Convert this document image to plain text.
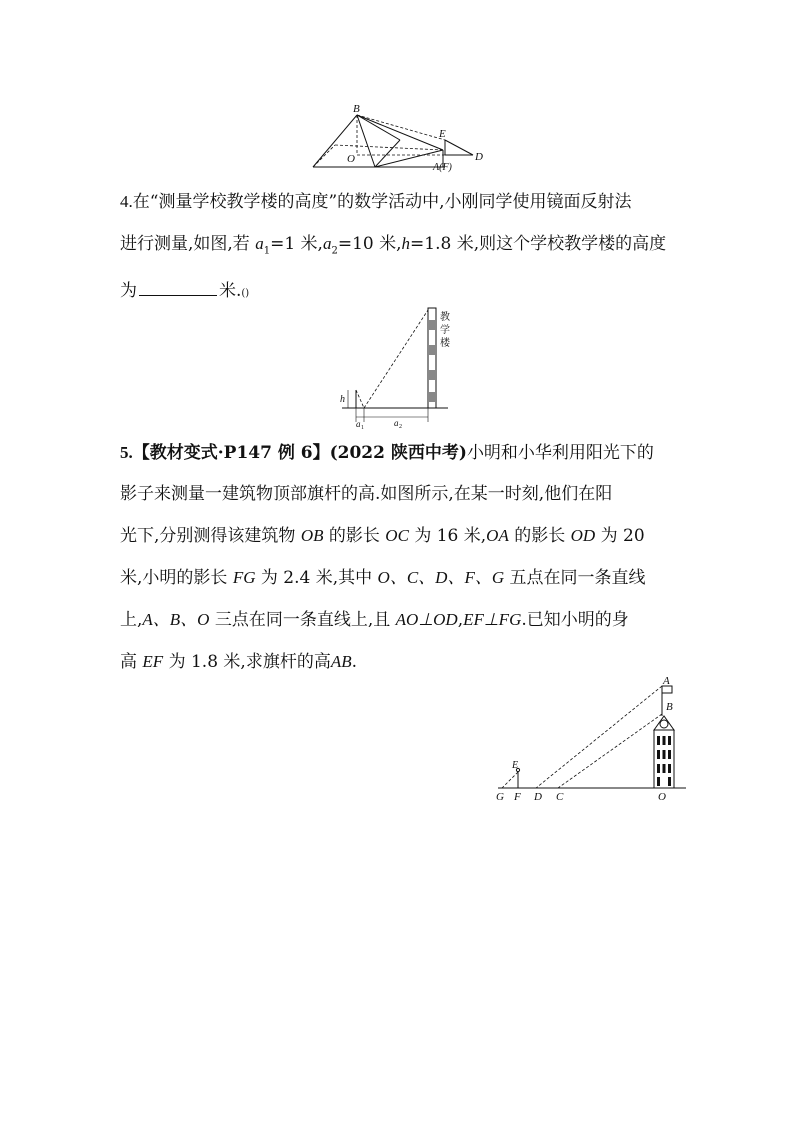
B
O
E
A(F)
D
4.在“测量学校教学楼的高度”的数学活动中,小刚同学使用镜面反射法
进行测量,如图,若 $a_1=1$ 米$,a_2=10$ 米,h=1.8 米,则这个学校教学楼的高度
为	米.()
教
学
楼
h
a 1	a 2
5.【教材变式·P147 例 6】(2022 陕西中考)小明和小华利用阳光下的
影子来测量一建筑物顶部旗杆的高.如图所示,在某一时刻,他们在阳
光下,分别测得该建筑物 OB 的影长 OC 为 16 米,OA 的影长 OD 为 20
米,小明的影长 FG 为 2.4 米,其中 O、C、D、F、G 五点在同一条直线
上,A、B、O 三点在同一条直线上,且 AO⊥OD,EF⊥FG.已知小明的身
高 EF 为 1.8 米,求旗杆的高AB.
A
B
E
G F D C	O
